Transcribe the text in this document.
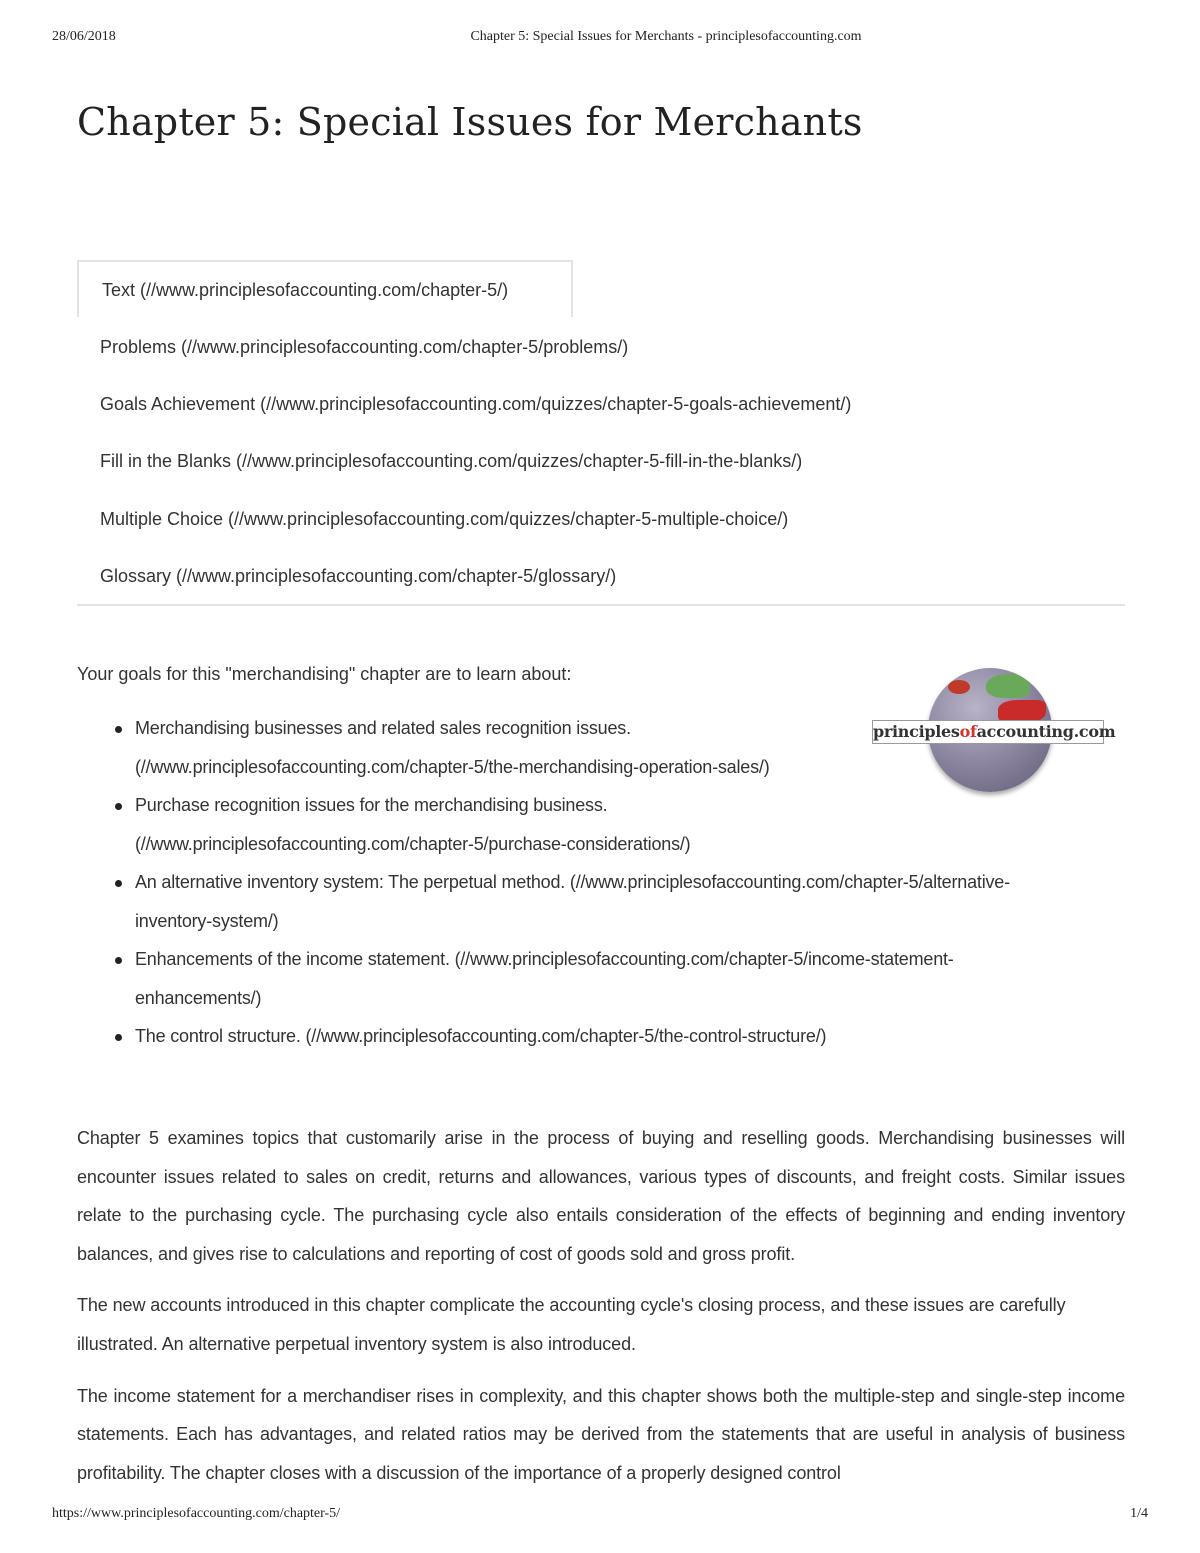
28/06/2018	Chapter 5: Special Issues for Merchants - principlesofaccounting.com
Chapter 5: Special Issues for Merchants
Text (//www.principlesofaccounting.com/chapter-5/)
Problems (//www.principlesofaccounting.com/chapter-5/problems/)
Goals Achievement (//www.principlesofaccounting.com/quizzes/chapter-5-goals-achievement/)
Fill in the Blanks (//www.principlesofaccounting.com/quizzes/chapter-5-fill-in-the-blanks/)
Multiple Choice (//www.principlesofaccounting.com/quizzes/chapter-5-multiple-choice/)
Glossary (//www.principlesofaccounting.com/chapter-5/glossary/)

Your goals for this "merchandising" chapter are to learn about:

principlesofaccounting.com
Merchandising businesses and related sales recognition issues.
(//www.principlesofaccounting.com/chapter-5/the-merchandising-operation-sales/)
Purchase recognition issues for the merchandising business.
(//www.principlesofaccounting.com/chapter-5/purchase-considerations/)
An alternative inventory system: The perpetual method. (//www.principlesofaccounting.com/chapter-5/alternative-
inventory-system/)
Enhancements of the income statement. (//www.principlesofaccounting.com/chapter-5/income-statement-
enhancements/)
The control structure. (//www.principlesofaccounting.com/chapter-5/the-control-structure/)

Chapter 5 examines topics that customarily arise in the process of buying and reselling goods. Merchandising businesses will encounter issues related to sales on credit, returns and allowances, various types of discounts, and freight costs. Similar issues relate to the purchasing cycle. The purchasing cycle also entails consideration of the effects of beginning and ending inventory balances, and gives rise to calculations and reporting of cost of goods sold and gross profit.

The new accounts introduced in this chapter complicate the accounting cycle's closing process, and these issues are carefully illustrated. An alternative perpetual inventory system is also introduced.

The income statement for a merchandiser rises in complexity, and this chapter shows both the multiple-step and single-step income statements. Each has advantages, and related ratios may be derived from the statements that are useful in analysis of business profitability. The chapter closes with a discussion of the importance of a properly designed control

https://www.principlesofaccounting.com/chapter-5/	1/4
